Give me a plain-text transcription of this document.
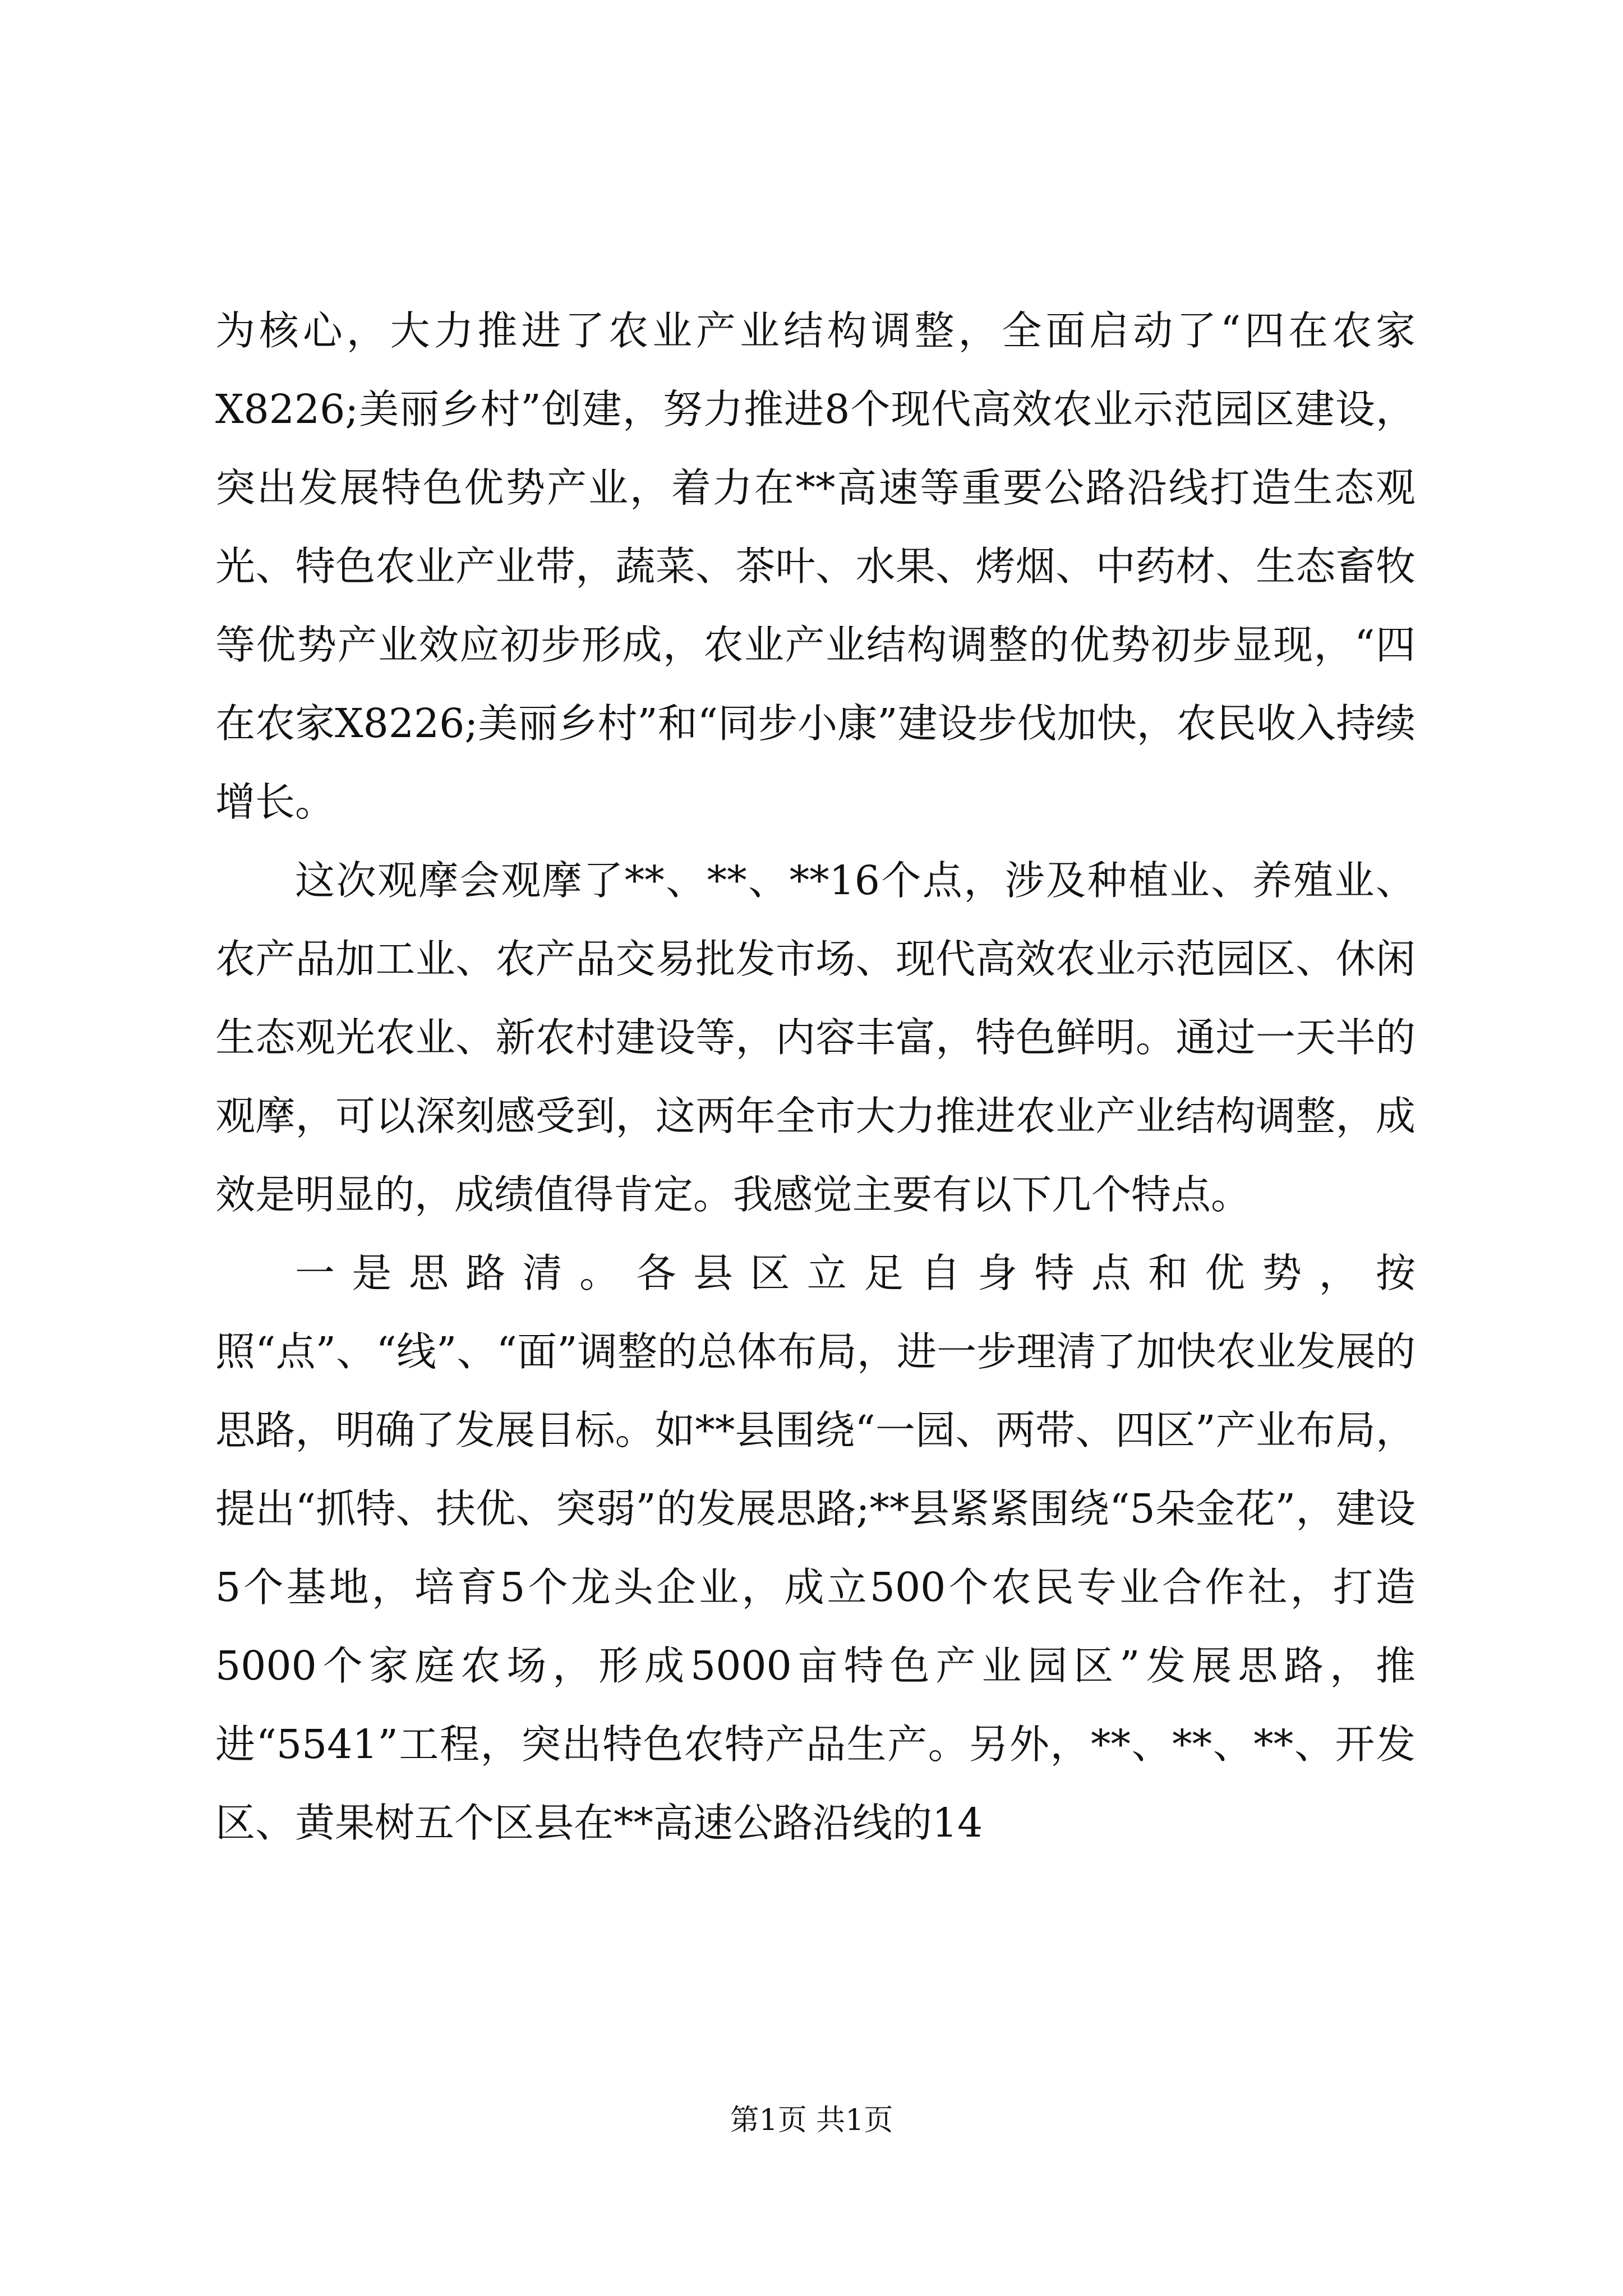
为核心，大力推进了农业产业结构调整，全面启动了“四在农家X8226;美丽乡村”创建，努力推进8个现代高效农业示范园区建设，突出发展特色优势产业，着力在**高速等重要公路沿线打造生态观光、特色农业产业带，蔬菜、茶叶、水果、烤烟、中药材、生态畜牧等优势产业效应初步形成，农业产业结构调整的优势初步显现，“四在农家X8226;美丽乡村”和“同步小康”建设步伐加快，农民收入持续增长。

这次观摩会观摩了**、**、**16个点，涉及种植业、养殖业、农产品加工业、农产品交易批发市场、现代高效农业示范园区、休闲生态观光农业、新农村建设等，内容丰富，特色鲜明。通过一天半的观摩，可以深刻感受到，这两年全市大力推进农业产业结构调整，成效是明显的，成绩值得肯定。我感觉主要有以下几个特点。

一是思路清。各县区立足自身特点和优势，按照“点”、“线”、“面”调整的总体布局，进一步理清了加快农业发展的思路，明确了发展目标。如**县围绕“一园、两带、四区”产业布局，提出“抓特、扶优、突弱”的发展思路;**县紧紧围绕“5朵金花”，建设5个基地，培育5个龙头企业，成立500个农民专业合作社，打造5000个家庭农场，形成5000亩特色产业园区”发展思路，推进“5541”工程，突出特色农特产品生产。另外，**、**、**、开发区、黄果树五个区县在**高速公路沿线的14

第1页 共1页
